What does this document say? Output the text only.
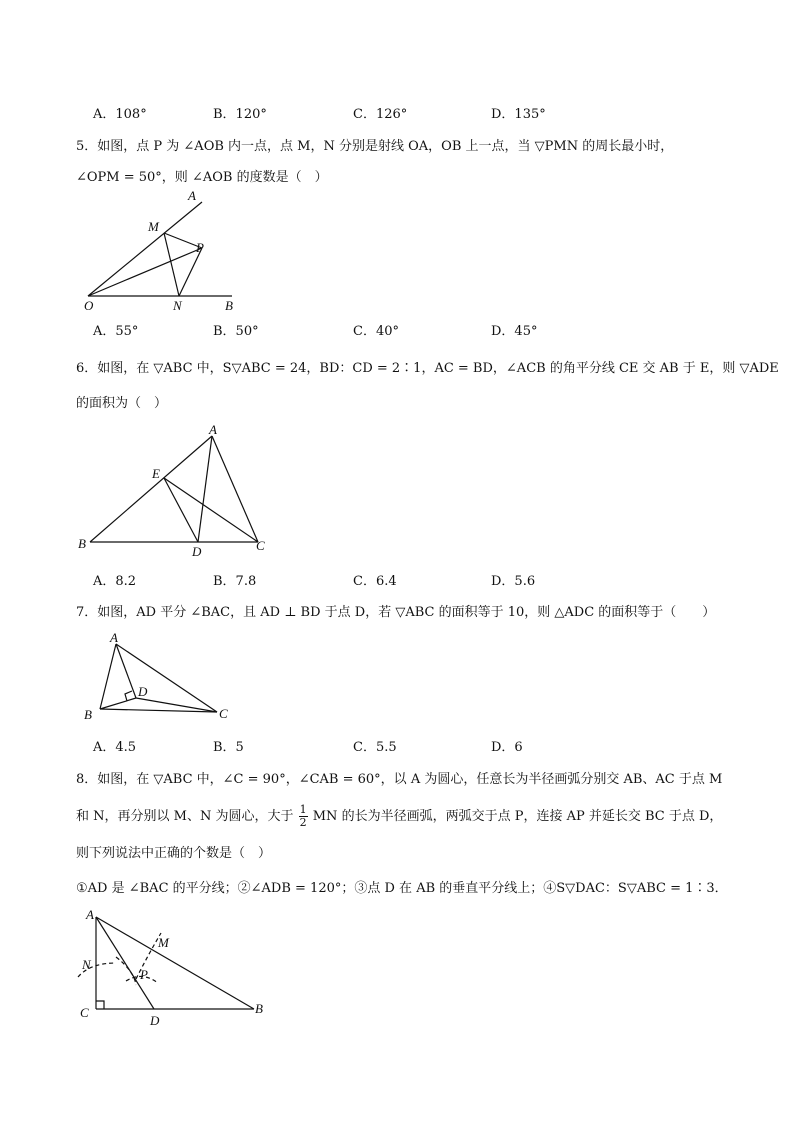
A．108°	B．120°	C．126°	D．135°
5．如图，点 P 为 ∠AOB 内一点，点 M，N 分别是射线 OA，OB 上一点，当 ▽PMN 的周长最小时，
∠OPM = 50°，则 ∠AOB 的度数是（　）
A
M
P
O	N	B
A．55°	B．50°	C．40°	D．45°
6．如图，在 ▽ABC 中，S▽ABC = 24，BD：CD = 2∶1，AC = BD，∠ACB 的角平分线 CE 交 AB 于 E，则 ▽ADE
的面积为（　）
A
E
B
D	C
A．8.2	B．7.8	C．6.4	D．5.6
7．如图，AD 平分 ∠BAC，且 AD ⊥ BD 于点 D，若 ▽ABC 的面积等于 10，则 △ADC 的面积等于（　　）
A
D
B	C
A．4.5	B．5	C．5.5	D．6
8．如图，在 ▽ABC 中，∠C = 90°，∠CAB = 60°，以 A 为圆心，任意长为半径画弧分别交 AB、AC 于点 M
和 N，再分别以 M、N 为圆心，大于 $\frac{1}{2}$ MN 的长为半径画弧，两弧交于点 P，连接 AP 并延长交 BC 于点 D，
则下列说法中正确的个数是（　）
①AD 是 ∠BAC 的平分线；②∠ADB = 120°；③点 D 在 AB 的垂直平分线上；④S▽DAC：S▽ABC = 1∶3．
A
M
N
P
C
D
B
